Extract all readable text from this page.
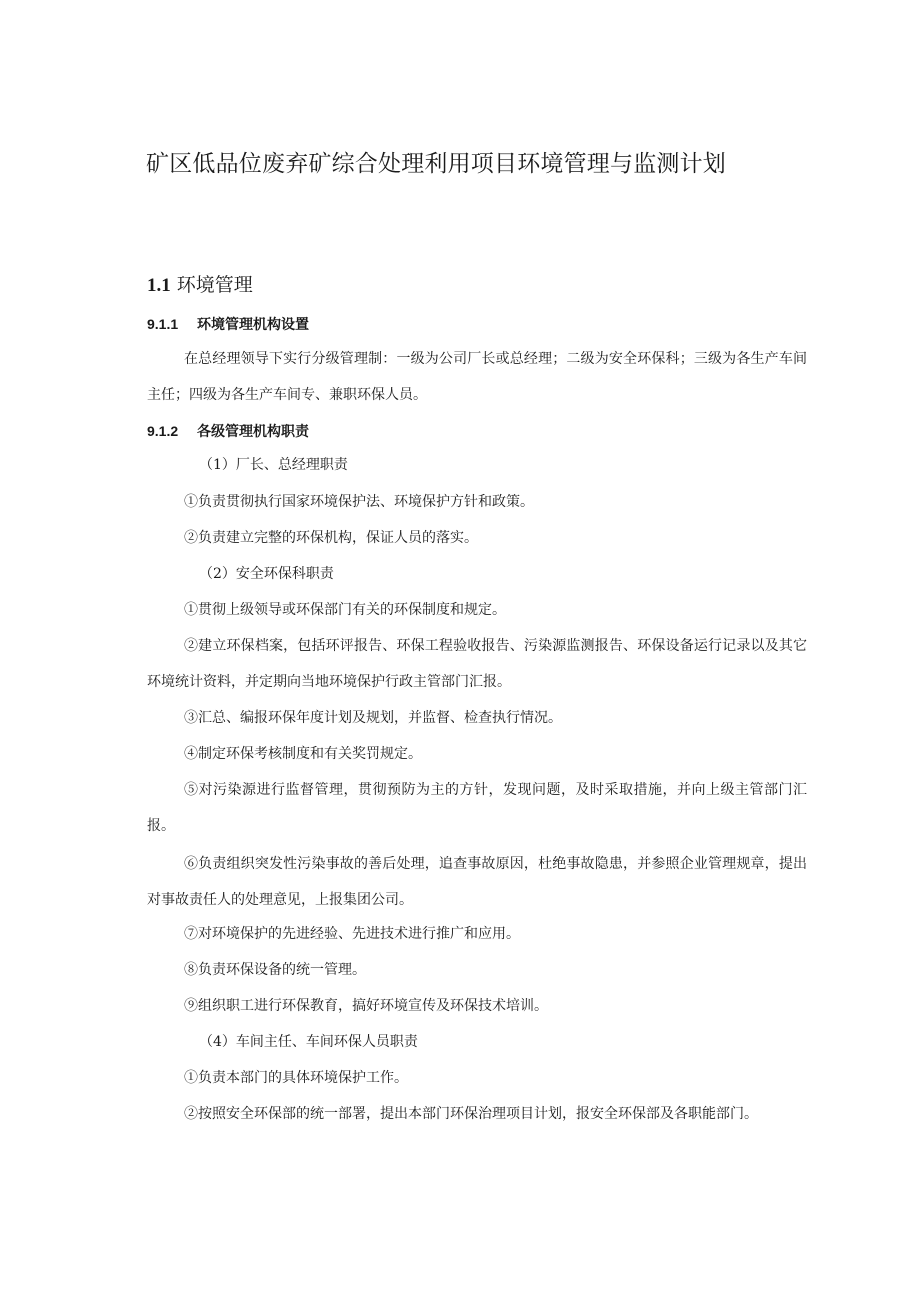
矿区低品位废弃矿综合处理利用项目环境管理与监测计划
1.1 环境管理
9.1.1 环境管理机构设置

在总经理领导下实行分级管理制：一级为公司厂长或总经理；二级为安全环保科；三级为各生产车间主任；四级为各生产车间专、兼职环保人员。

9.1.2 各级管理机构职责

（1）厂长、总经理职责

①负责贯彻执行国家环境保护法、环境保护方针和政策。

②负责建立完整的环保机构，保证人员的落实。

（2）安全环保科职责

①贯彻上级领导或环保部门有关的环保制度和规定。

②建立环保档案，包括环评报告、环保工程验收报告、污染源监测报告、环保设备运行记录以及其它环境统计资料，并定期向当地环境保护行政主管部门汇报。

③汇总、编报环保年度计划及规划，并监督、检查执行情况。

④制定环保考核制度和有关奖罚规定。

⑤对污染源进行监督管理，贯彻预防为主的方针，发现问题，及时采取措施，并向上级主管部门汇报。

⑥负责组织突发性污染事故的善后处理，追查事故原因，杜绝事故隐患，并参照企业管理规章，提出对事故责任人的处理意见，上报集团公司。

⑦对环境保护的先进经验、先进技术进行推广和应用。

⑧负责环保设备的统一管理。

⑨组织职工进行环保教育，搞好环境宣传及环保技术培训。

（4）车间主任、车间环保人员职责

①负责本部门的具体环境保护工作。

②按照安全环保部的统一部署，提出本部门环保治理项目计划，报安全环保部及各职能部门。
